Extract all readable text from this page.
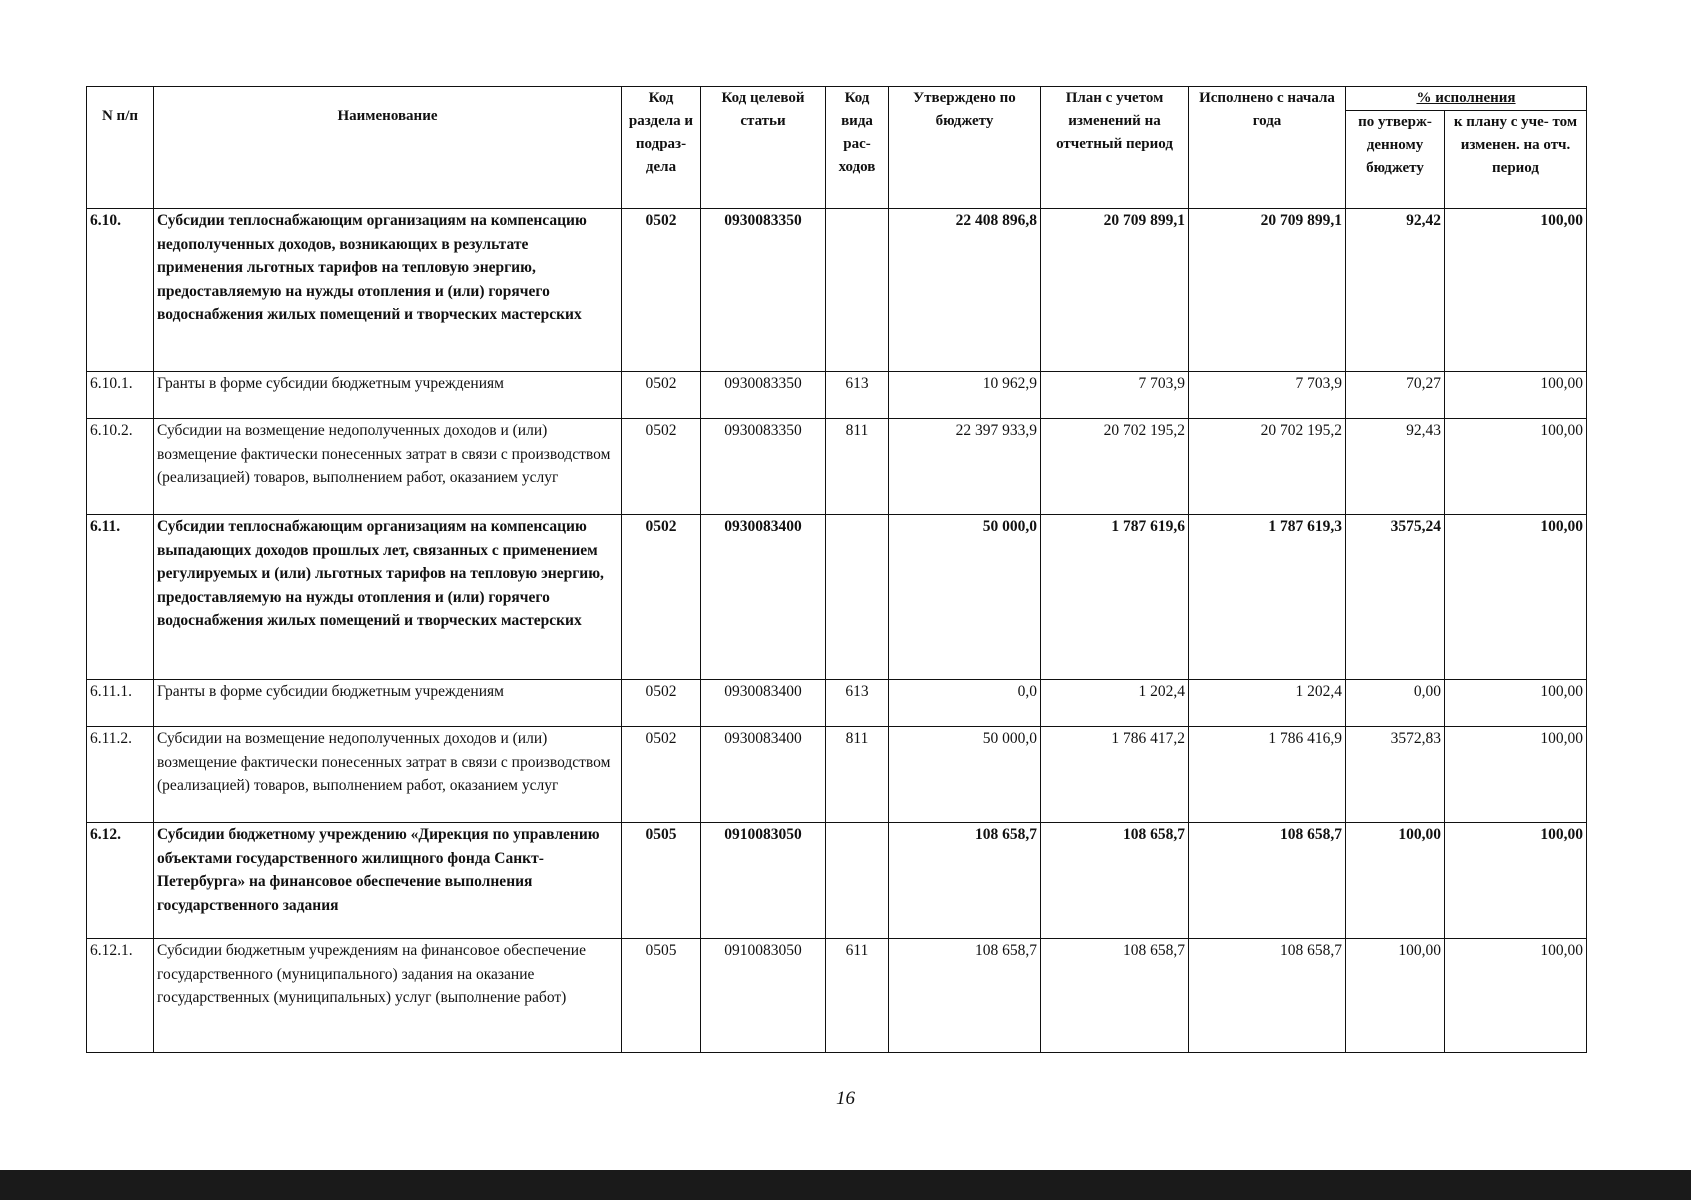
N п/п	Наименование	Код раздела и подраз- дела	Код целевой статьи	Код вида рас- ходов	Утверждено по бюджету	План с учетом изменений на отчетный период	Исполнено с начала года	% исполнения	
								по утверж- денному бюджету	к плану с уче- том изменен. на отч. период
6.10.	Субсидии теплоснабжающим организациям на компенсацию недополученных доходов, возникающих в результате применения льготных тарифов на тепловую энергию, предоставляемую на нужды отопления и (или) горячего водоснабжения жилых помещений и творческих мастерских	0502	0930083350		22 408 896,8	20 709 899,1	20 709 899,1	92,42	100,00
6.10.1.	Гранты в форме субсидии бюджетным учреждениям	0502	0930083350	613	10 962,9	7 703,9	7 703,9	70,27	100,00
6.10.2.	Субсидии на возмещение недополученных доходов и (или) возмещение фактически понесенных затрат в связи с производством (реализацией) товаров, выполнением работ, оказанием услуг	0502	0930083350	811	22 397 933,9	20 702 195,2	20 702 195,2	92,43	100,00
6.11.	Субсидии теплоснабжающим организациям на компенсацию выпадающих доходов прошлых лет, связанных с применением регулируемых и (или) льготных тарифов на тепловую энергию, предоставляемую на нужды отопления и (или) горячего водоснабжения жилых помещений и творческих мастерских	0502	0930083400		50 000,0	1 787 619,6	1 787 619,3	3575,24	100,00
6.11.1.	Гранты в форме субсидии бюджетным учреждениям	0502	0930083400	613	0,0	1 202,4	1 202,4	0,00	100,00
6.11.2.	Субсидии на возмещение недополученных доходов и (или) возмещение фактически понесенных затрат в связи с производством (реализацией) товаров, выполнением работ, оказанием услуг	0502	0930083400	811	50 000,0	1 786 417,2	1 786 416,9	3572,83	100,00
6.12.	Субсидии бюджетному учреждению «Дирекция по управлению объектами государственного жилищного фонда Санкт-Петербурга» на финансовое обеспечение выполнения государственного задания	0505	0910083050		108 658,7	108 658,7	108 658,7	100,00	100,00
6.12.1.	Субсидии бюджетным учреждениям на финансовое обеспечение государственного (муниципального) задания на оказание государственных (муниципальных) услуг (выполнение работ)	0505	0910083050	611	108 658,7	108 658,7	108 658,7	100,00	100,00
16
